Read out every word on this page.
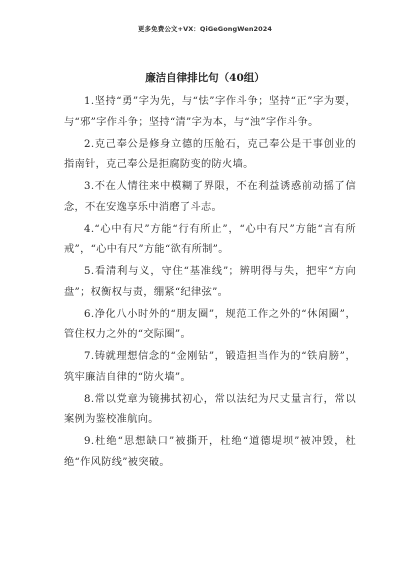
更多免费公文+VX：QiGeGongWen2024
廉洁自律排比句（40组）

1.坚持“勇”字为先，与“怯”字作斗争；坚持“正”字为要，与“邪”字作斗争；坚持“清”字为本，与“浊”字作斗争。

2.克己奉公是修身立德的压舱石，克己奉公是干事创业的指南针，克己奉公是拒腐防变的防火墙。

3.不在人情往来中模糊了界限，不在利益诱惑前动摇了信念，不在安逸享乐中消磨了斗志。

4.“心中有尺”方能“行有所止”，“心中有尺”方能“言有所戒”，“心中有尺”方能“欲有所制”。

5.看清利与义，守住“基准线”；辨明得与失，把牢“方向盘”；权衡权与责，绷紧“纪律弦”。

6.净化八小时外的“朋友圈”，规范工作之外的“休闲圈”，管住权力之外的“交际圈”。

7.铸就理想信念的“金刚钻”，锻造担当作为的“铁肩膀”，筑牢廉洁自律的“防火墙”。

8.常以党章为镜拂拭初心，常以法纪为尺丈量言行，常以案例为鉴校准航向。

9.杜绝“思想缺口”被撕开，杜绝“道德堤坝”被冲毁，杜绝“作风防线”被突破。
